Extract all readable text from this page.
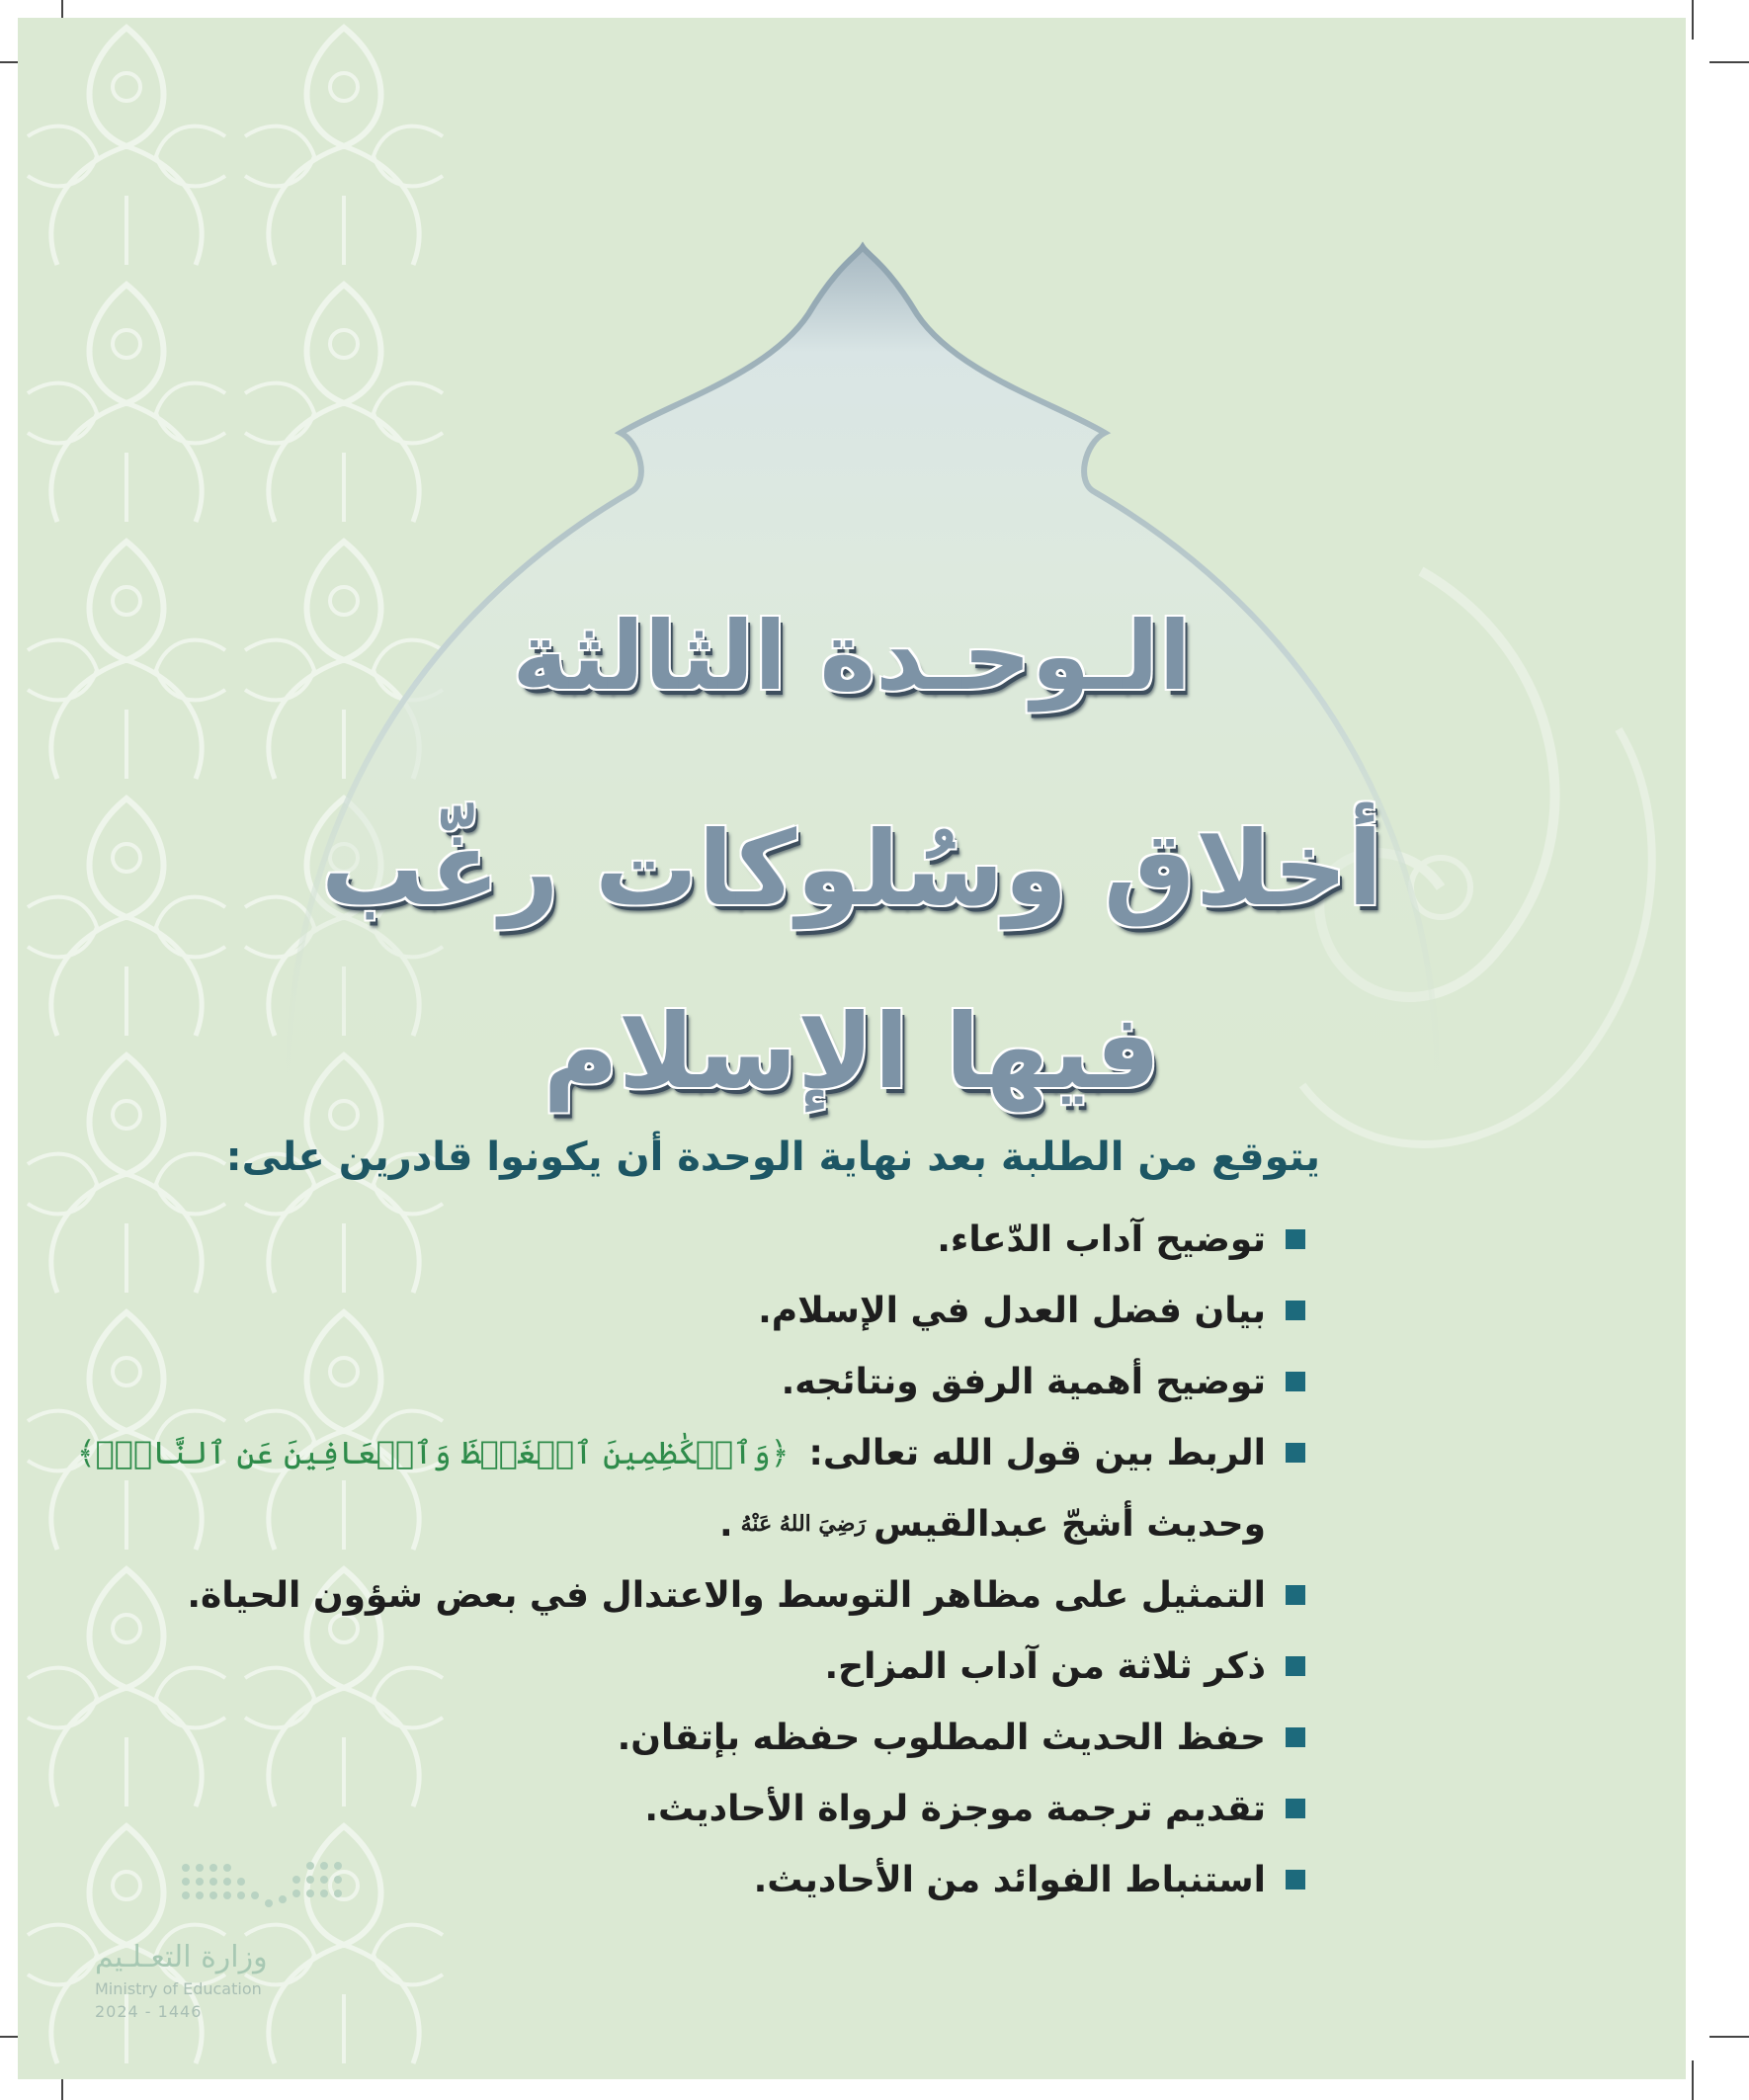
الـوحـدة الثالثة
أخلاق وسُلوكات رغّب
فيها الإسلام
يتوقع من الطلبة بعد نهاية الوحدة أن يكونوا قادرين على:
توضيح آداب الدّعاء.
بيان فضل العدل في الإسلام.
توضيح أهمية الرفق ونتائجه.
الربط بين قول الله تعالى:
﴿وَٱلۡكَٰظِمِينَ ٱلۡغَيۡظَ وَٱلۡعَافِينَ عَنِ ٱلنَّاسِۗ﴾
وحديث أشجّ عبدالقيس
رَضِيَ اللهُ عَنْهُ
.
التمثيل على مظاهر التوسط والاعتدال في بعض شؤون الحياة.
ذكر ثلاثة من آداب المزاح.
حفظ الحديث المطلوب حفظه بإتقان.
تقديم ترجمة موجزة لرواة الأحاديث.
استنباط الفوائد من الأحاديث.
وزارة التعـلـيم
Ministry of Education
2024 - 1446
